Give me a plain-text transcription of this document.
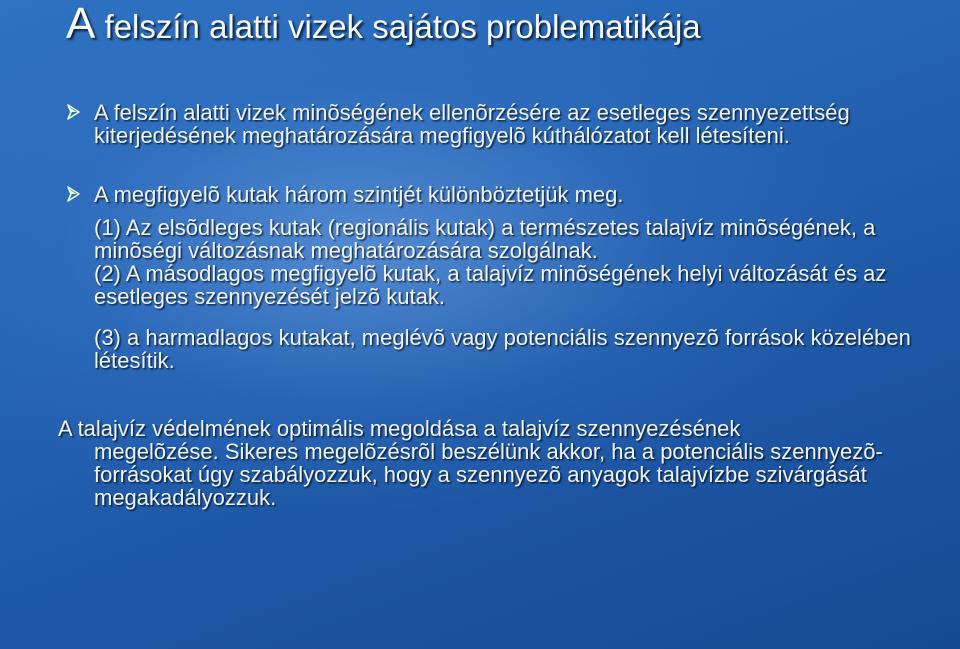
A felszín alatti vizek sajátos problematikája
A felszín alatti vizek minõségének ellenõrzésére az esetleges szennyezettség kiterjedésének meghatározására megfigyelõ kúthálózatot kell létesíteni.
A megfigyelõ kutak három szintjét különböztetjük meg.
(1) Az elsõdleges kutak (regionális kutak) a természetes talajvíz minõségének, a minõségi változásnak meghatározására szolgálnak.
(2) A másodlagos megfigyelõ kutak, a talajvíz minõségének helyi változását és az esetleges szennyezését jelzõ kutak.
(3) a harmadlagos kutakat, meglévõ vagy potenciális szennyezõ források közelében létesítik.
A talajvíz védelmének optimális megoldása a talajvíz szennyezésének
megelõzése. Sikeres megelõzésrõl beszélünk akkor, ha a potenciális szennyezõ-forrásokat úgy szabályozzuk, hogy a szennyezõ anyagok talajvízbe szivárgását megakadályozzuk.
